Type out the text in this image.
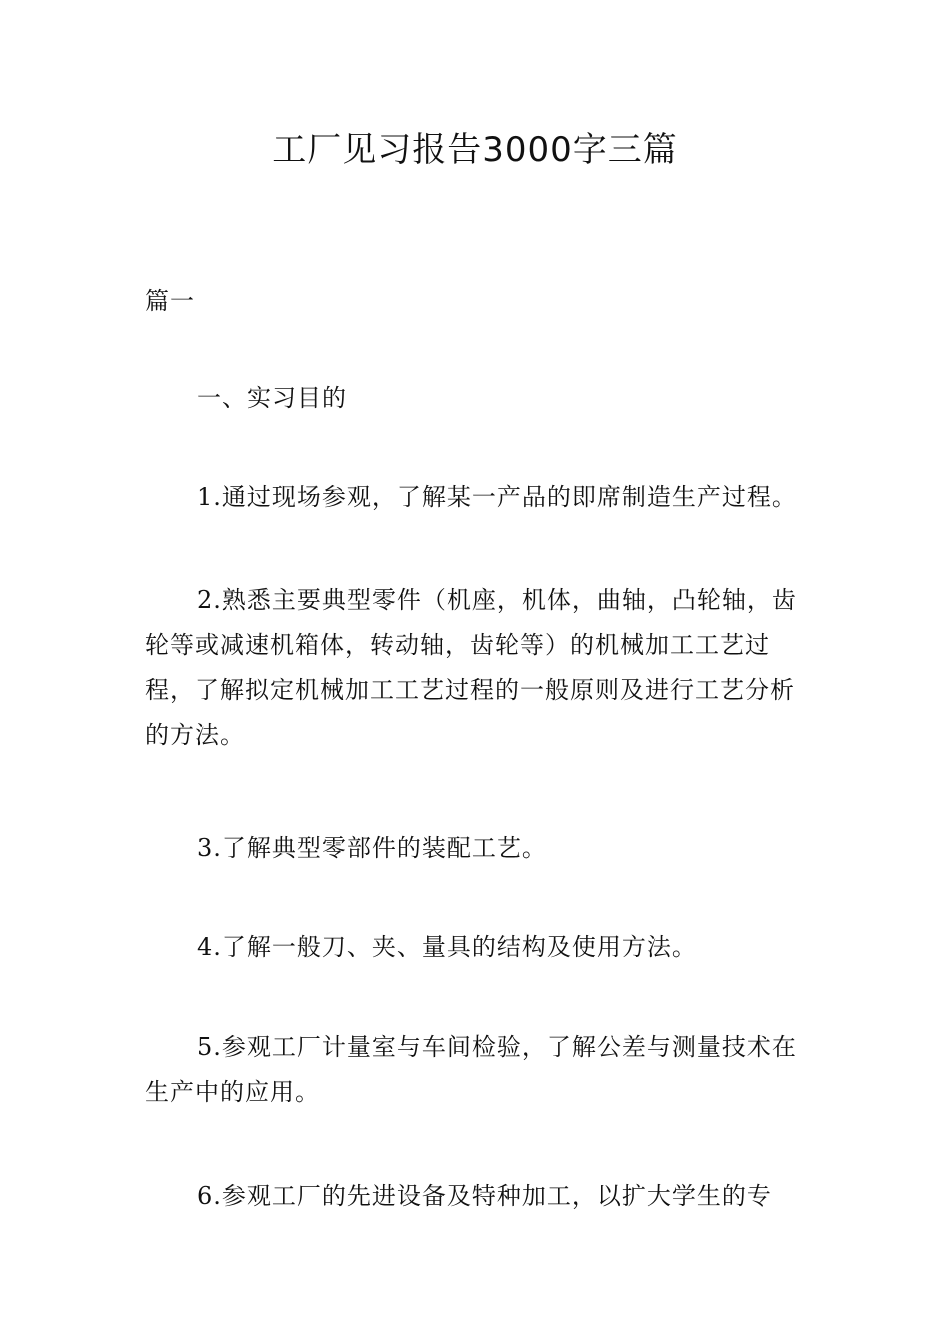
工厂见习报告3000字三篇

篇一

一、实习目的

1.通过现场参观，了解某一产品的即席制造生产过程。

2.熟悉主要典型零件（机座，机体，曲轴，凸轮轴，齿轮等或减速机箱体，转动轴，齿轮等）的机械加工工艺过程，了解拟定机械加工工艺过程的一般原则及进行工艺分析的方法。

3.了解典型零部件的装配工艺。

4.了解一般刀、夹、量具的结构及使用方法。

5.参观工厂计量室与车间检验，了解公差与测量技术在生产中的应用。

6.参观工厂的先进设备及特种加工，以扩大学生的专
